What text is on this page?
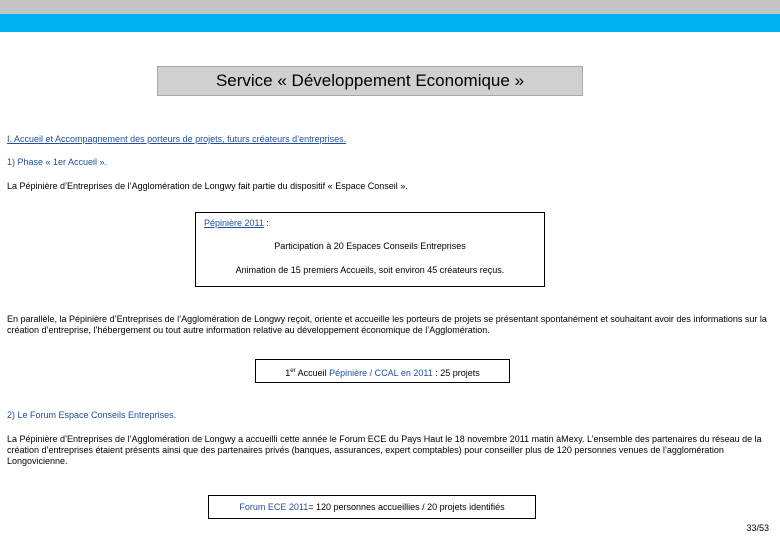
Service « Développement Economique »
I. Accueil et Accompagnement des porteurs de projets, futurs créateurs d’entreprises.
1) Phase « 1er Accueil ».
La Pépinière d’Entreprises de l’Agglomération de Longwy fait partie du dispositif « Espace Conseil ».
Pépinière 2011 :
Participation à 20 Espaces Conseils Entreprises
Animation de 15 premiers Accueils, soit environ 45 créateurs reçus.
En parallèle, la Pépinière d’Entreprises de l’Agglomération de Longwy reçoit, oriente et accueille les porteurs de projets se présentant spontanément et souhaitant avoir des informations sur la création d’entreprise, l’hébergement ou tout autre information relative au développement économique de l’Agglomération.
1er Accueil Pépinière / CCAL en 2011 : 25 projets
2) Le Forum Espace Conseils Entreprises.
La Pépinière d’Entreprises de l’Agglomération de Longwy a accueilli cette année le Forum ECE du Pays Haut le 18 novembre 2011 matin àMexy. L’ensemble des partenaires du réseau de la création d’entreprises étaient présents ainsi que des partenaires privés (banques, assurances, expert comptables) pour conseiller plus de 120 personnes venues de l’agglomération Longovicienne.
Forum ECE 2011= 120 personnes accueillies / 20 projets identifiés
33/53
